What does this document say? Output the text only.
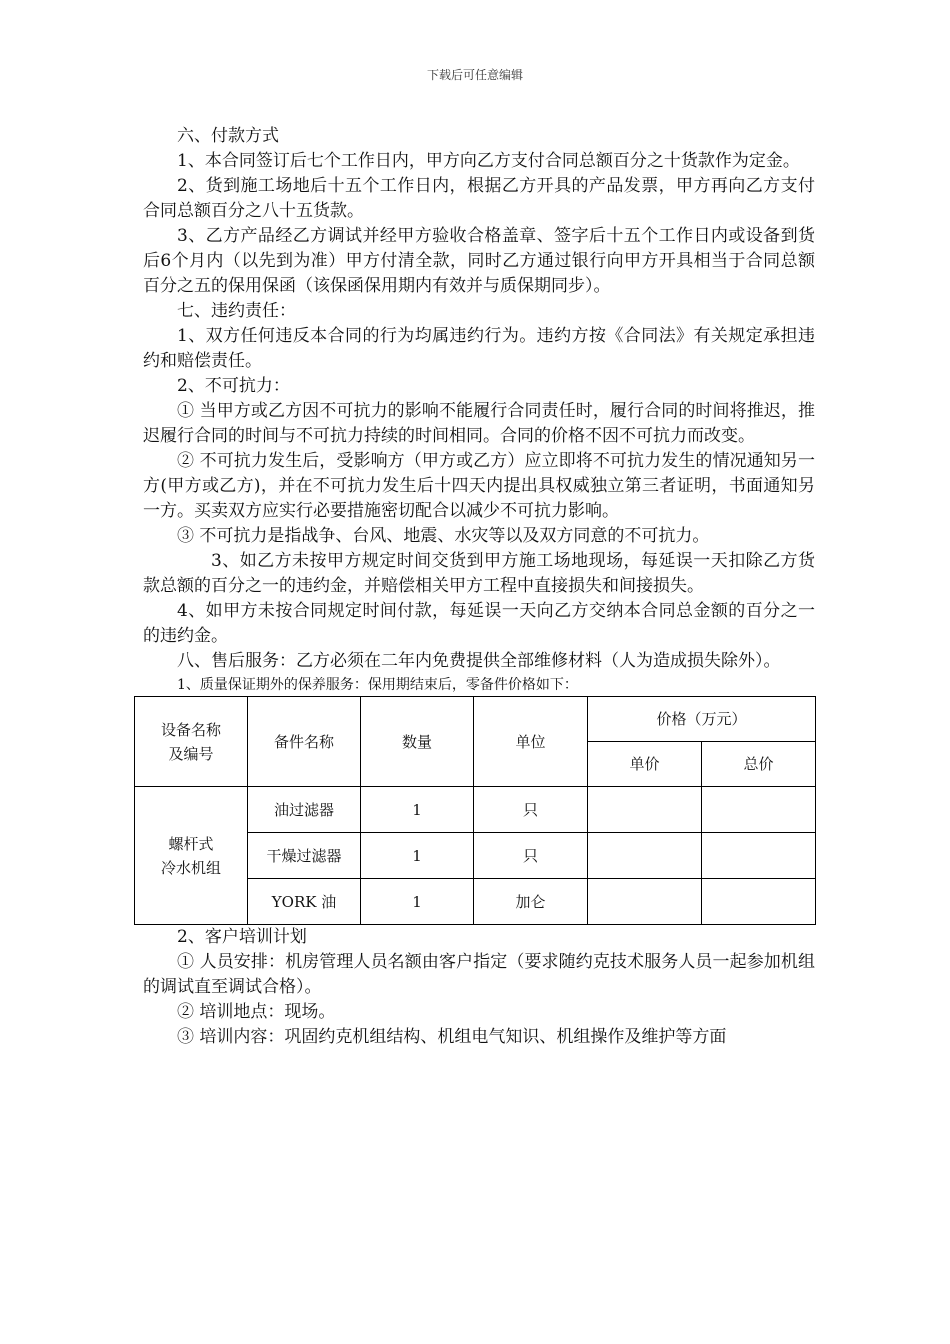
下载后可任意编辑

六、付款方式

1、本合同签订后七个工作日内，甲方向乙方支付合同总额百分之十货款作为定金。

2、货到施工场地后十五个工作日内，根据乙方开具的产品发票，甲方再向乙方支付合同总额百分之八十五货款。

3、乙方产品经乙方调试并经甲方验收合格盖章、签字后十五个工作日内或设备到货后6个月内（以先到为准）甲方付清全款，同时乙方通过银行向甲方开具相当于合同总额百分之五的保用保函（该保函保用期内有效并与质保期同步）。

七、违约责任：

1、双方任何违反本合同的行为均属违约行为。违约方按《合同法》有关规定承担违约和赔偿责任。

2、不可抗力：

① 当甲方或乙方因不可抗力的影响不能履行合同责任时，履行合同的时间将推迟，推迟履行合同的时间与不可抗力持续的时间相同。合同的价格不因不可抗力而改变。

② 不可抗力发生后，受影响方（甲方或乙方）应立即将不可抗力发生的情况通知另一方(甲方或乙方)，并在不可抗力发生后十四天内提出具权威独立第三者证明，书面通知另一方。买卖双方应实行必要措施密切配合以减少不可抗力影响。

③ 不可抗力是指战争、台风、地震、水灾等以及双方同意的不可抗力。

3、如乙方未按甲方规定时间交货到甲方施工场地现场，每延误一天扣除乙方货款总额的百分之一的违约金，并赔偿相关甲方工程中直接损失和间接损失。

4、如甲方未按合同规定时间付款，每延误一天向乙方交纳本合同总金额的百分之一的违约金。

八、售后服务：乙方必须在二年内免费提供全部维修材料（人为造成损失除外）。

1、质量保证期外的保养服务：保用期结束后，零备件价格如下：

设备名称
及编号	备件名称	数量	单位	价格（万元）	
				单价	总价
螺杆式
冷水机组	油过滤器	1	只		
	干燥过滤器	1	只		
	YORK 油	1	加仑		

2、客户培训计划

① 人员安排：机房管理人员名额由客户指定（要求随约克技术服务人员一起参加机组的调试直至调试合格）。

② 培训地点：现场。

③ 培训内容：巩固约克机组结构、机组电气知识、机组操作及维护等方面
